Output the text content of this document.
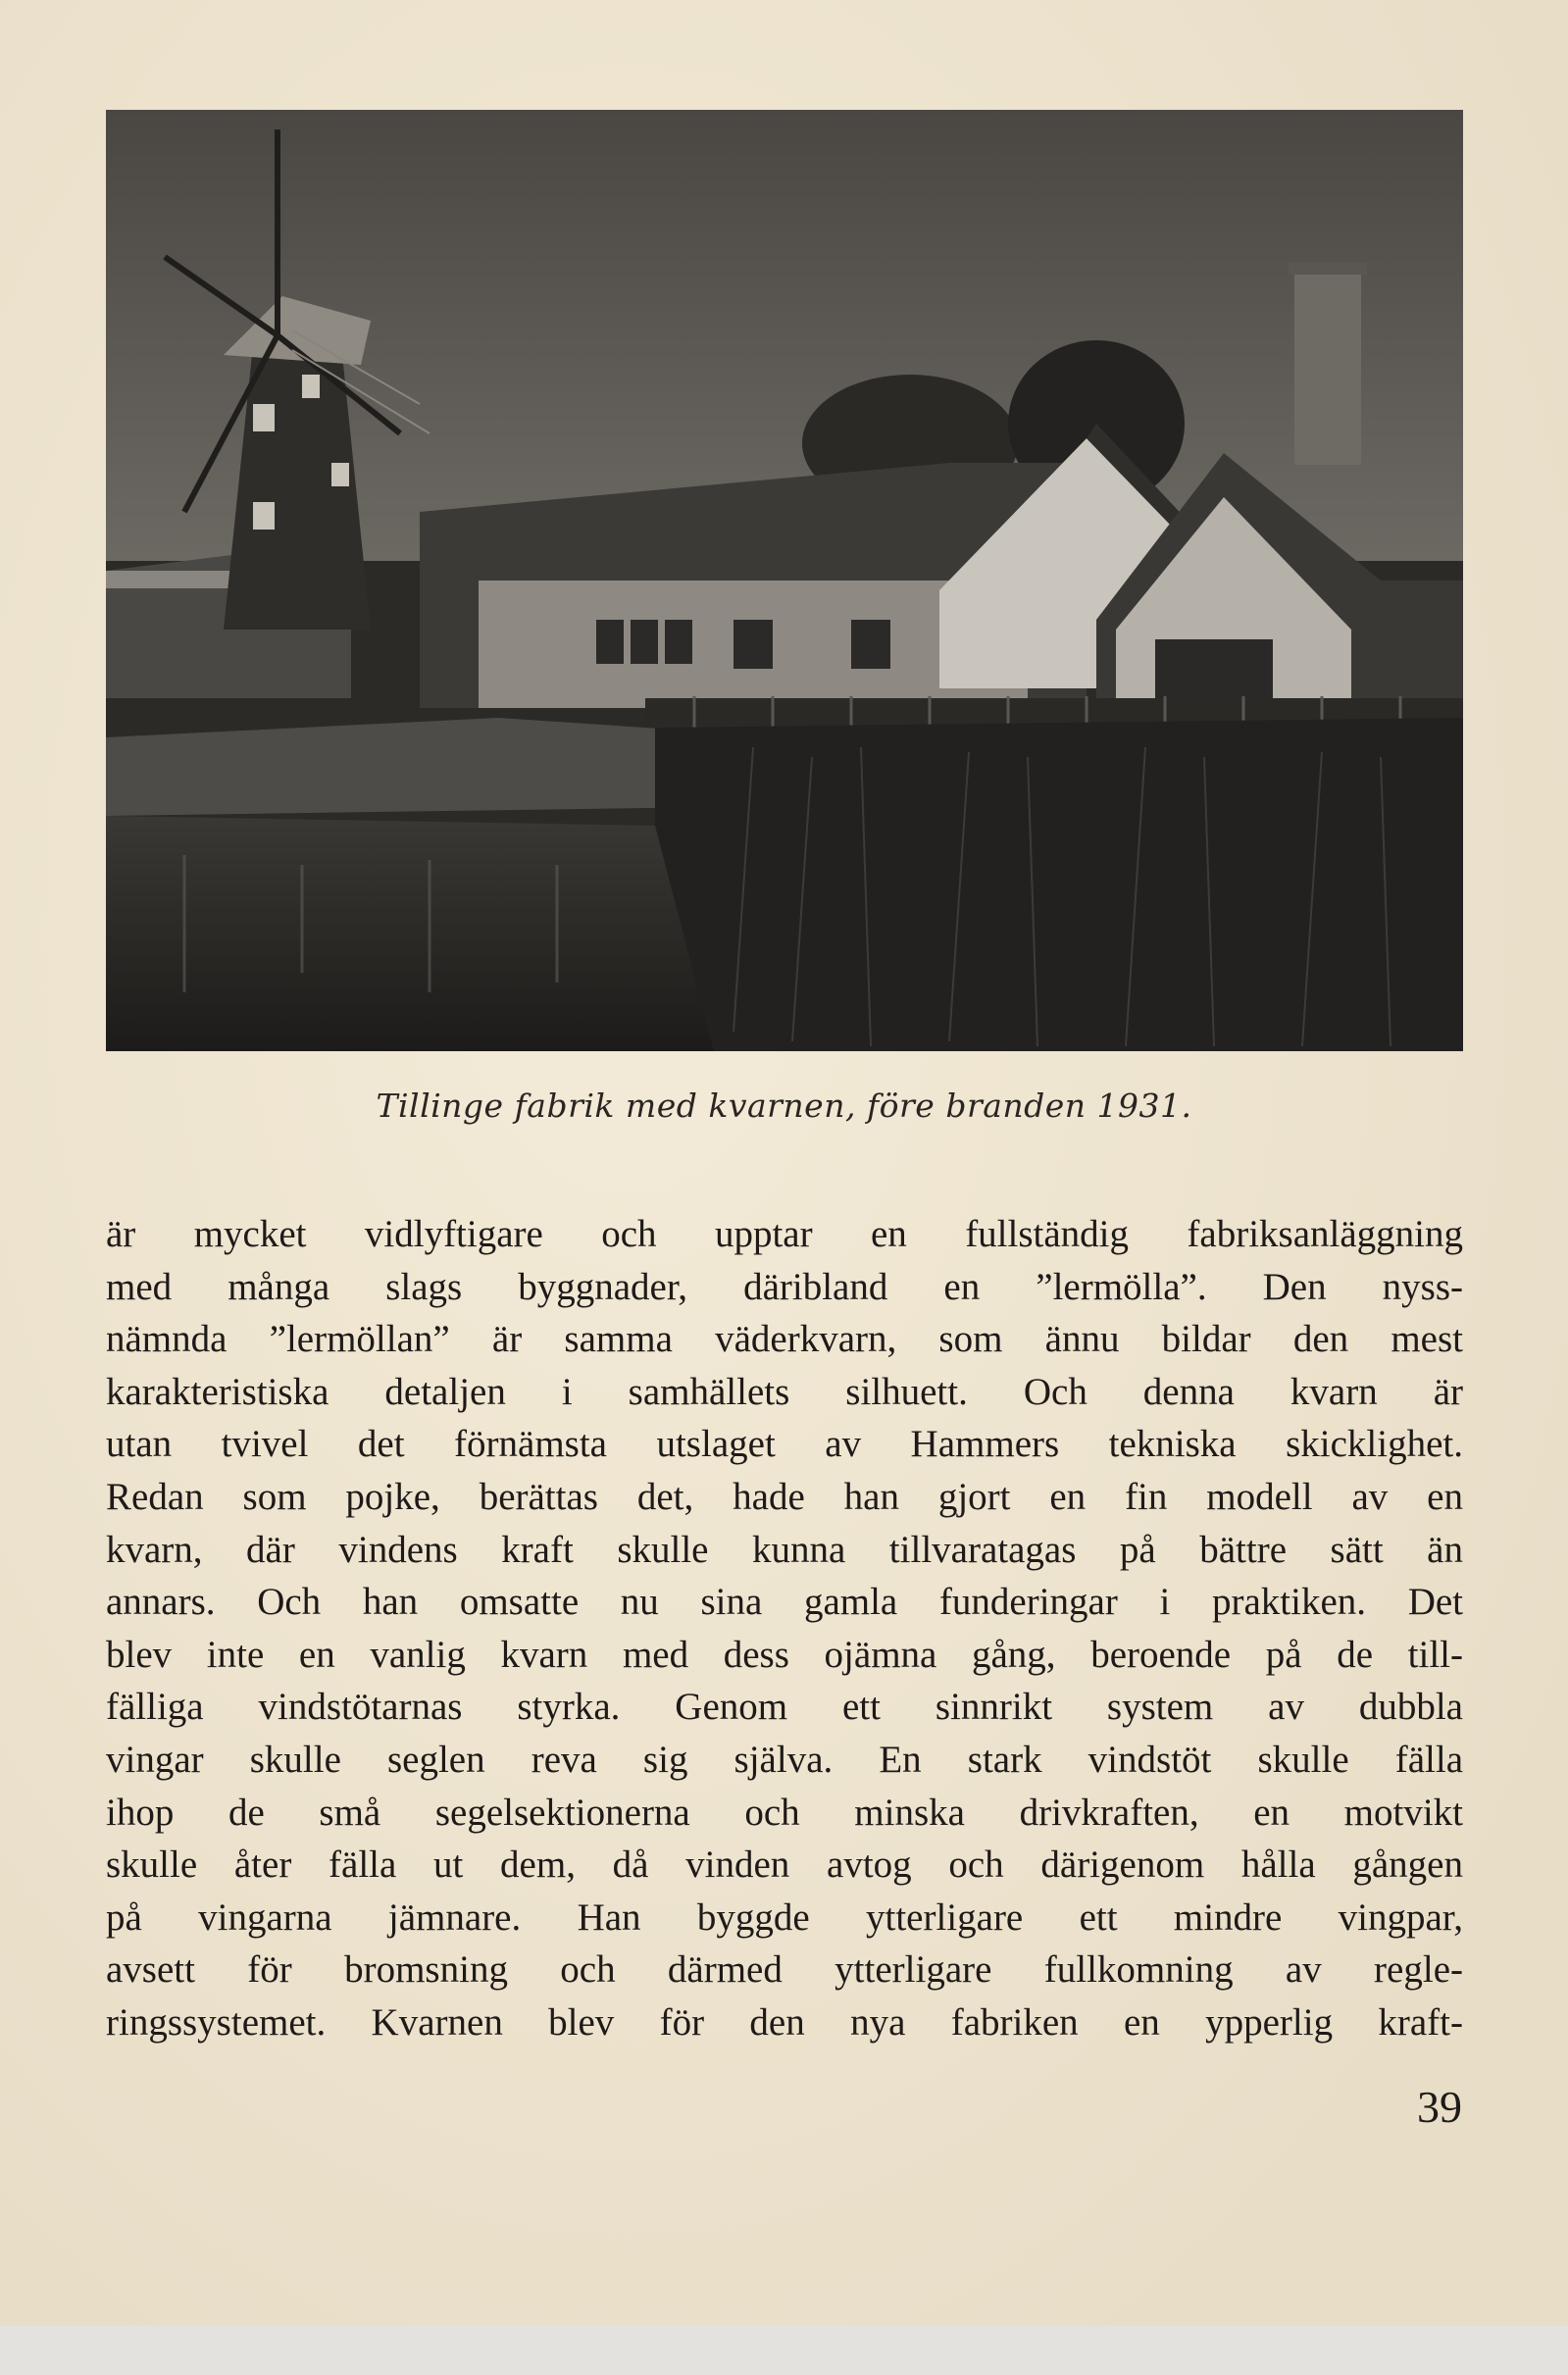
Tillinge fabrik med kvarnen, före branden 1931.
är mycket vidlyftigare och upptar en fullständig fabriksanläggning
med många slags byggnader, däribland en ”lermölla”. Den nyss-
nämnda ”lermöllan” är samma väderkvarn, som ännu bildar den mest
karakteristiska detaljen i samhällets silhuett. Och denna kvarn är
utan tvivel det förnämsta utslaget av Hammers tekniska skicklighet.
Redan som pojke, berättas det, hade han gjort en fin modell av en
kvarn, där vindens kraft skulle kunna tillvaratagas på bättre sätt än
annars. Och han omsatte nu sina gamla funderingar i praktiken. Det
blev inte en vanlig kvarn med dess ojämna gång, beroende på de till-
fälliga vindstötarnas styrka. Genom ett sinnrikt system av dubbla
vingar skulle seglen reva sig själva. En stark vindstöt skulle fälla
ihop de små segelsektionerna och minska drivkraften, en motvikt
skulle åter fälla ut dem, då vinden avtog och därigenom hålla gången
på vingarna jämnare. Han byggde ytterligare ett mindre vingpar,
avsett för bromsning och därmed ytterligare fullkomning av regle-
ringssystemet. Kvarnen blev för den nya fabriken en ypperlig kraft-
39
